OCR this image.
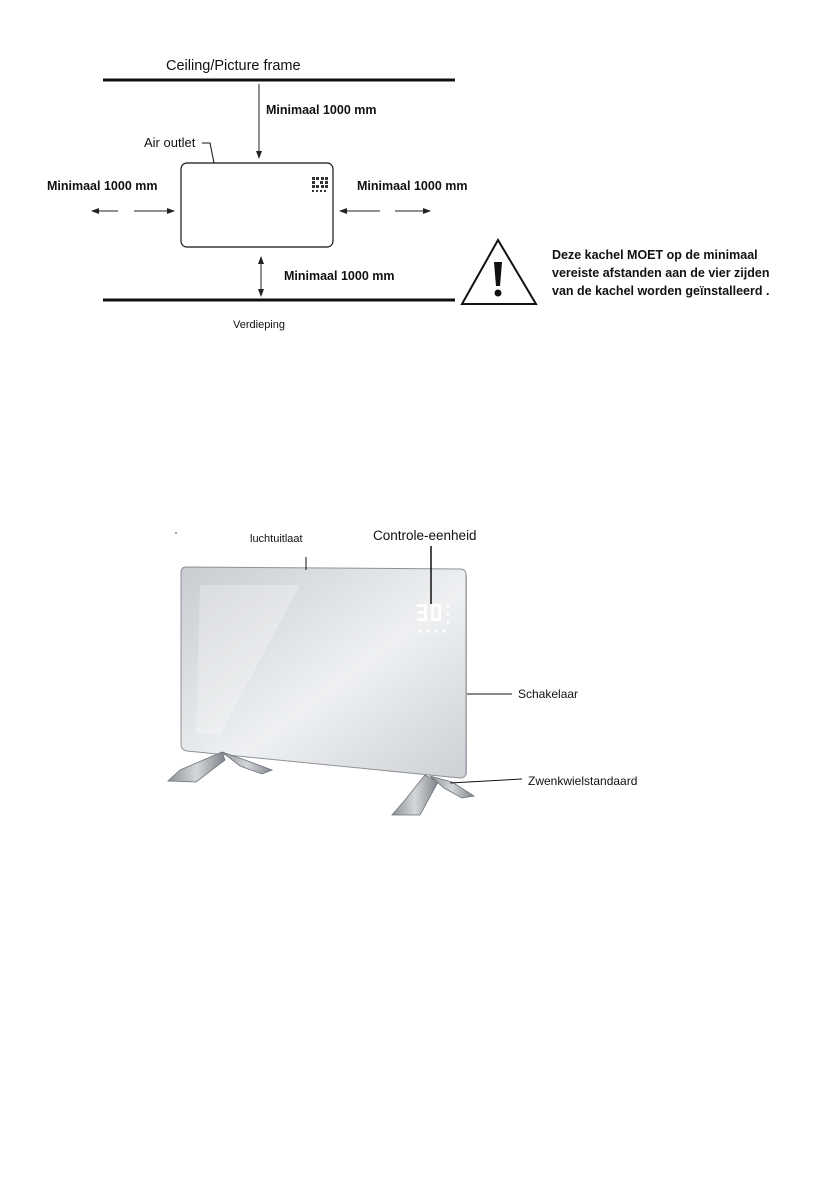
Ceiling/Picture frame
Minimaal 1000 mm
Air outlet
Minimaal 1000 mm	Minimaal 1000 mm
Minimaal 1000 mm
Verdieping
Deze kachel MOET op de minimaal
vereiste afstanden aan de vier zijden
van de kachel worden geïnstalleerd .
luchtuitlaat	Controle-eenheid
Schakelaar
Zwenkwielstandaard
